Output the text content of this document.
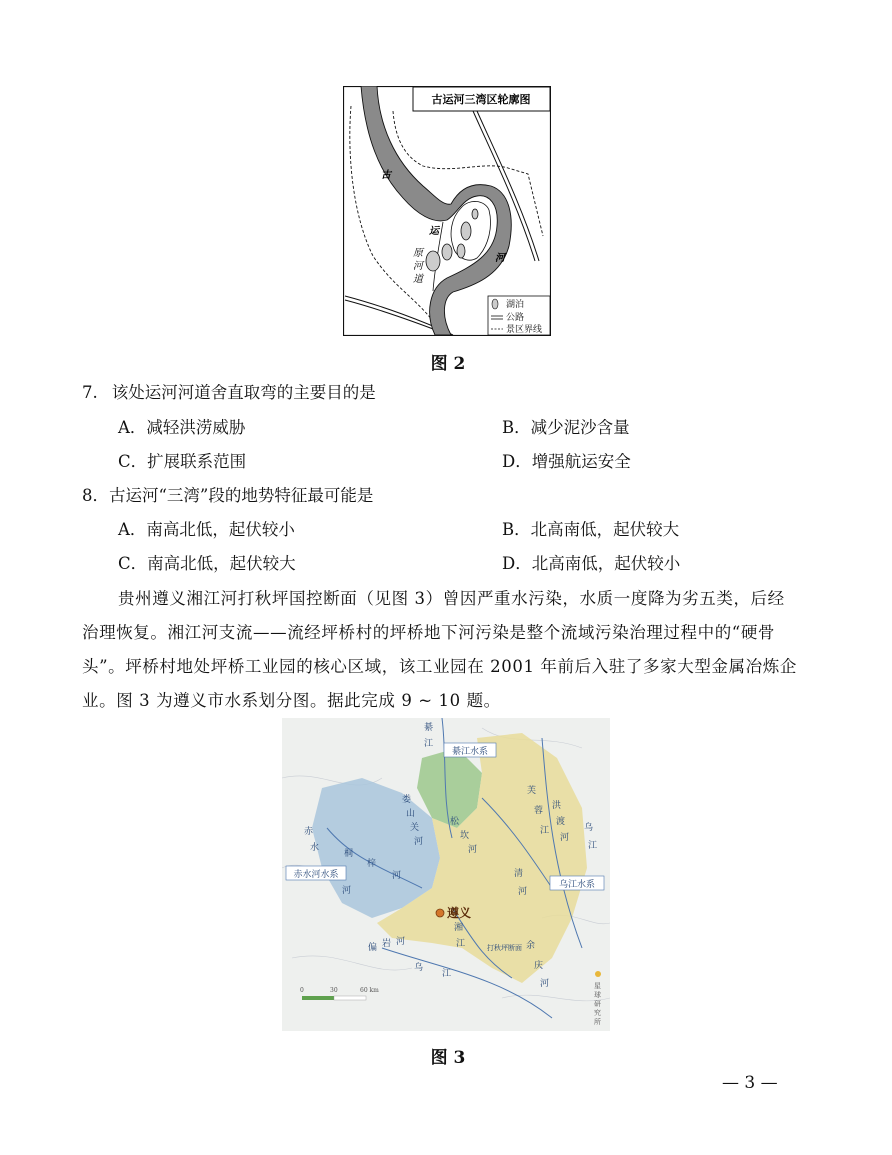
湖泊
公路
景区界线
古运河三湾区轮廓图
古
运
河
原
河
道
图 2
7. 该处运河河道舍直取弯的主要目的是
A．减轻洪涝威胁	B．减少泥沙含量
C．扩展联系范围	D．增强航运安全
8．古运河“三湾”段的地势特征最可能是
A．南高北低，起伏较小	B．北高南低，起伏较大
C．南高北低，起伏较大	D．北高南低，起伏较小
贵州遵义湘江河打秋坪国控断面（见图 3）曾因严重水污染，水质一度降为劣五类，后经
治理恢复。湘江河支流——流经坪桥村的坪桥地下河污染是整个流域污染治理过程中的“硬骨
头”。坪桥村地处坪桥工业园的核心区域，该工业园在 2001 年前后入驻了多家大型金属冶炼企
业。图 3 为遵义市水系划分图。据此完成 9 ~ 10 题。
遵义
綦江水系
赤水河水系
乌江水系
打秋坪断面
綦
江
赤
水
桐
梓
河
河
松
坎
河
芙
蓉
江
洪
渡
河
乌
江
湘
江
偏 岩 河
乌
江
清
河
余
庆
河
娄
山
关
河
0	30	60 km
星
球
研
究
所
图 3
— 3 —
